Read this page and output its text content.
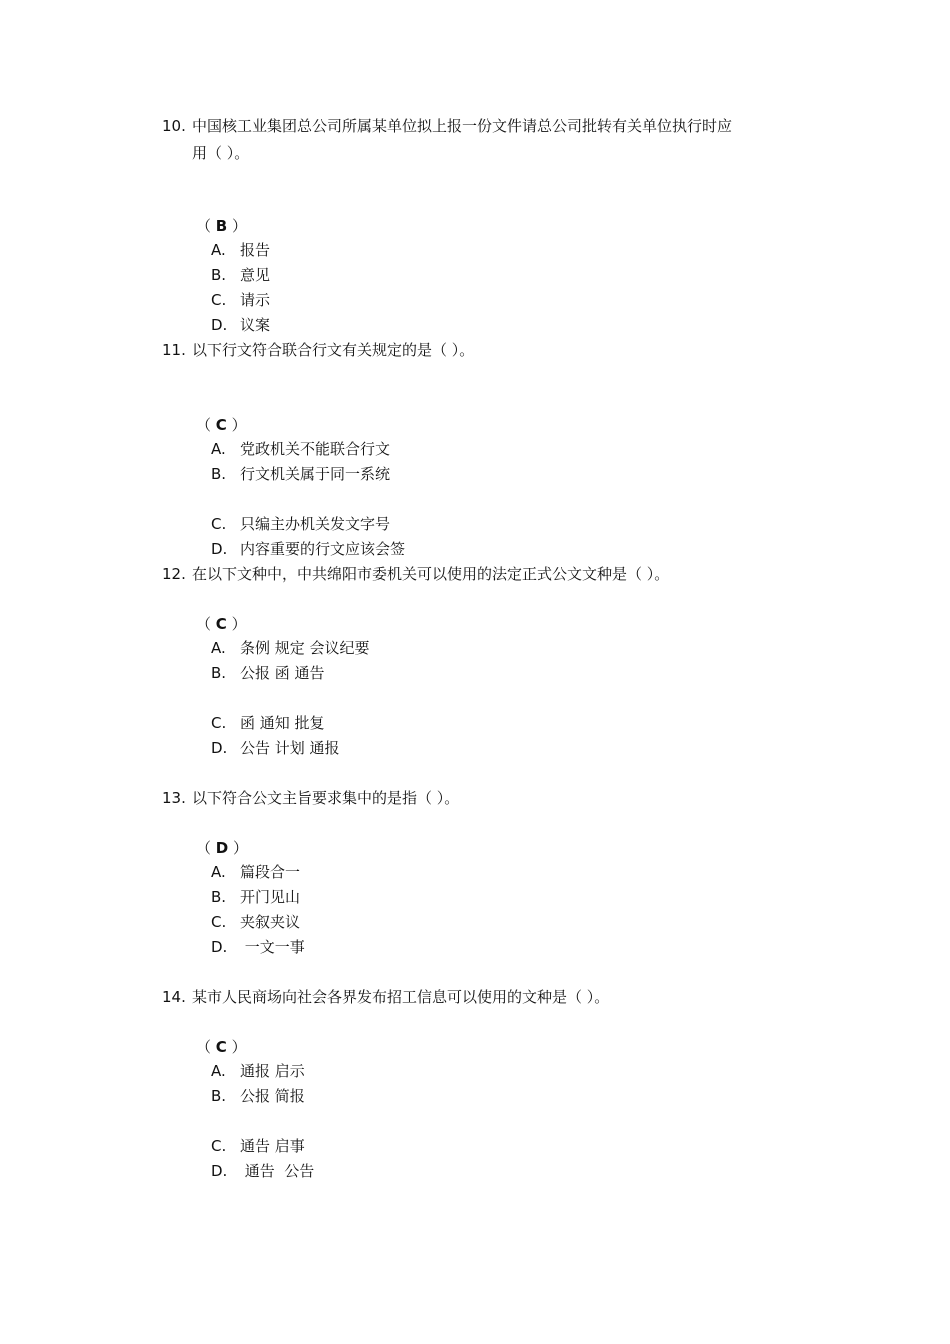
10. 中国核工业集团总公司所属某单位拟上报一份文件请总公司批转有关单位执行时应
用（ ）。
（ B ）
A. 报告
B. 意见
C. 请示
D. 议案
11. 以下行文符合联合行文有关规定的是（ ）。
（ C ）
A. 党政机关不能联合行文
B. 行文机关属于同一系统
C. 只编主办机关发文字号
D. 内容重要的行文应该会签
12. 在以下文种中，中共绵阳市委机关可以使用的法定正式公文文种是（ ）。
（ C ）
A. 条例 规定 会议纪要
B. 公报 函 通告
C. 函 通知 批复
D. 公告 计划 通报
13. 以下符合公文主旨要求集中的是指（ ）。
（ D ）
A. 篇段合一
B. 开门见山
C. 夹叙夹议
D. 一文一事
14. 某市人民商场向社会各界发布招工信息可以使用的文种是（ ）。
（ C ）
A. 通报 启示
B. 公报 简报
C. 通告 启事
D. 通告  公告
